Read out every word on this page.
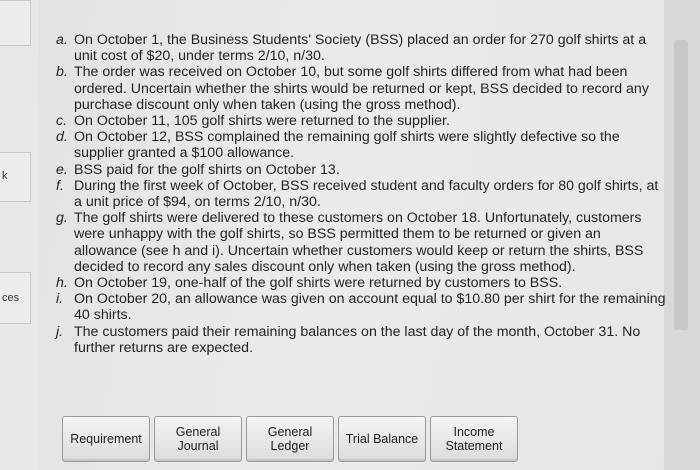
k
ces
a. On October 1, the Business Students' Society (BSS) placed an order for 270 golf shirts at a unit cost of $20, under terms 2/10, n/30.
b. The order was received on October 10, but some golf shirts differed from what had been ordered. Uncertain whether the shirts would be returned or kept, BSS decided to record any purchase discount only when taken (using the gross method).
c. On October 11, 105 golf shirts were returned to the supplier.
d. On October 12, BSS complained the remaining golf shirts were slightly defective so the supplier granted a $100 allowance.
e. BSS paid for the golf shirts on October 13.
f. During the first week of October, BSS received student and faculty orders for 80 golf shirts, at a unit price of $94, on terms 2/10, n/30.
g. The golf shirts were delivered to these customers on October 18. Unfortunately, customers were unhappy with the golf shirts, so BSS permitted them to be returned or given an allowance (see h and i). Uncertain whether customers would keep or return the shirts, BSS decided to record any sales discount only when taken (using the gross method).
h. On October 19, one-half of the golf shirts were returned by customers to BSS.
i. On October 20, an allowance was given on account equal to $10.80 per shirt for the remaining 40 shirts.
j. The customers paid their remaining balances on the last day of the month, October 31. No further returns are expected.
Requirement	General
Journal
General
Ledger	Trial Balance	Income
Statement
